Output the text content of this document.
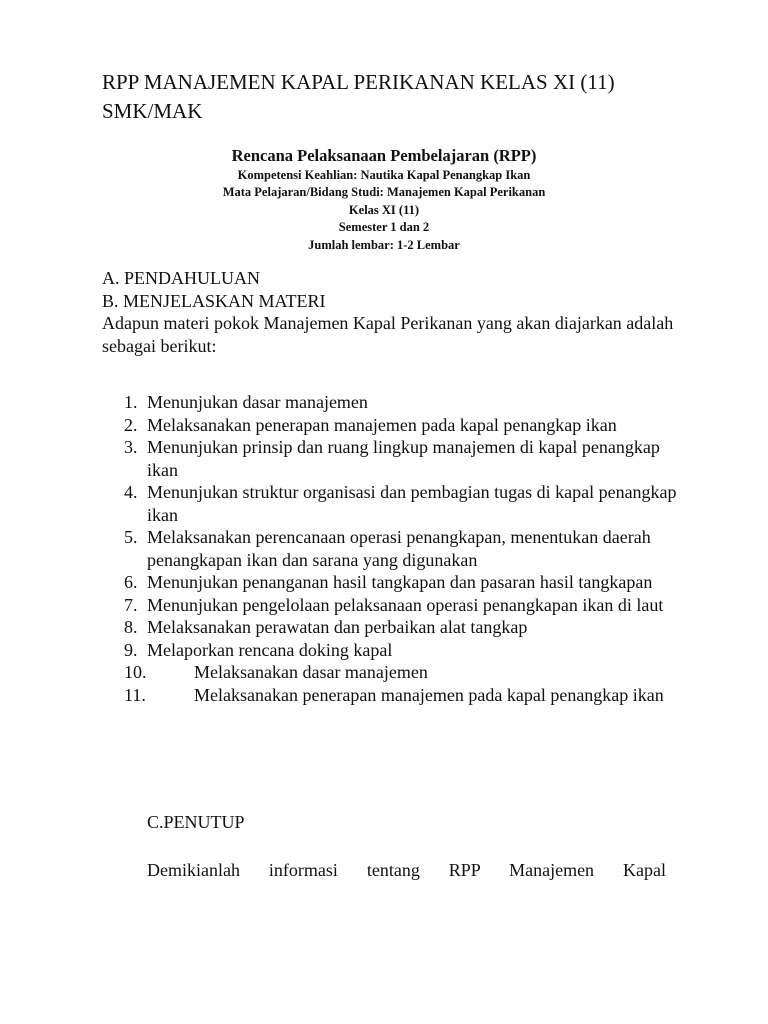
RPP MANAJEMEN KAPAL PERIKANAN KELAS XI (11) SMK/MAK

Rencana Pelaksanaan Pembelajaran (RPP)

Kompetensi Keahlian: Nautika Kapal Penangkap Ikan

Mata Pelajaran/Bidang Studi: Manajemen Kapal Perikanan

Kelas XI (11)

Semester 1 dan 2

Jumlah lembar: 1-2 Lembar

A. PENDAHULUAN

B. MENJELASKAN MATERI

Adapun materi pokok Manajemen Kapal Perikanan yang akan diajarkan adalah sebagai berikut:

1. Menunjukan dasar manajemen
2. Melaksanakan penerapan manajemen pada kapal penangkap ikan
3. Menunjukan prinsip dan ruang lingkup manajemen di kapal penangkap ikan
4. Menunjukan struktur organisasi dan pembagian tugas di kapal penangkap ikan
5. Melaksanakan perencanaan operasi penangkapan, menentukan daerah penangkapan ikan dan sarana yang digunakan
6. Menunjukan penanganan hasil tangkapan dan pasaran hasil tangkapan
7. Menunjukan pengelolaan pelaksanaan operasi penangkapan ikan di laut
8. Melaksanakan perawatan dan perbaikan alat tangkap
9. Melaporkan rencana doking kapal
10.	Melaksanakan dasar manajemen
11.	Melaksanakan penerapan manajemen pada kapal penangkap ikan

C.PENUTUP

Demikianlah informasi tentang RPP Manajemen Kapal
